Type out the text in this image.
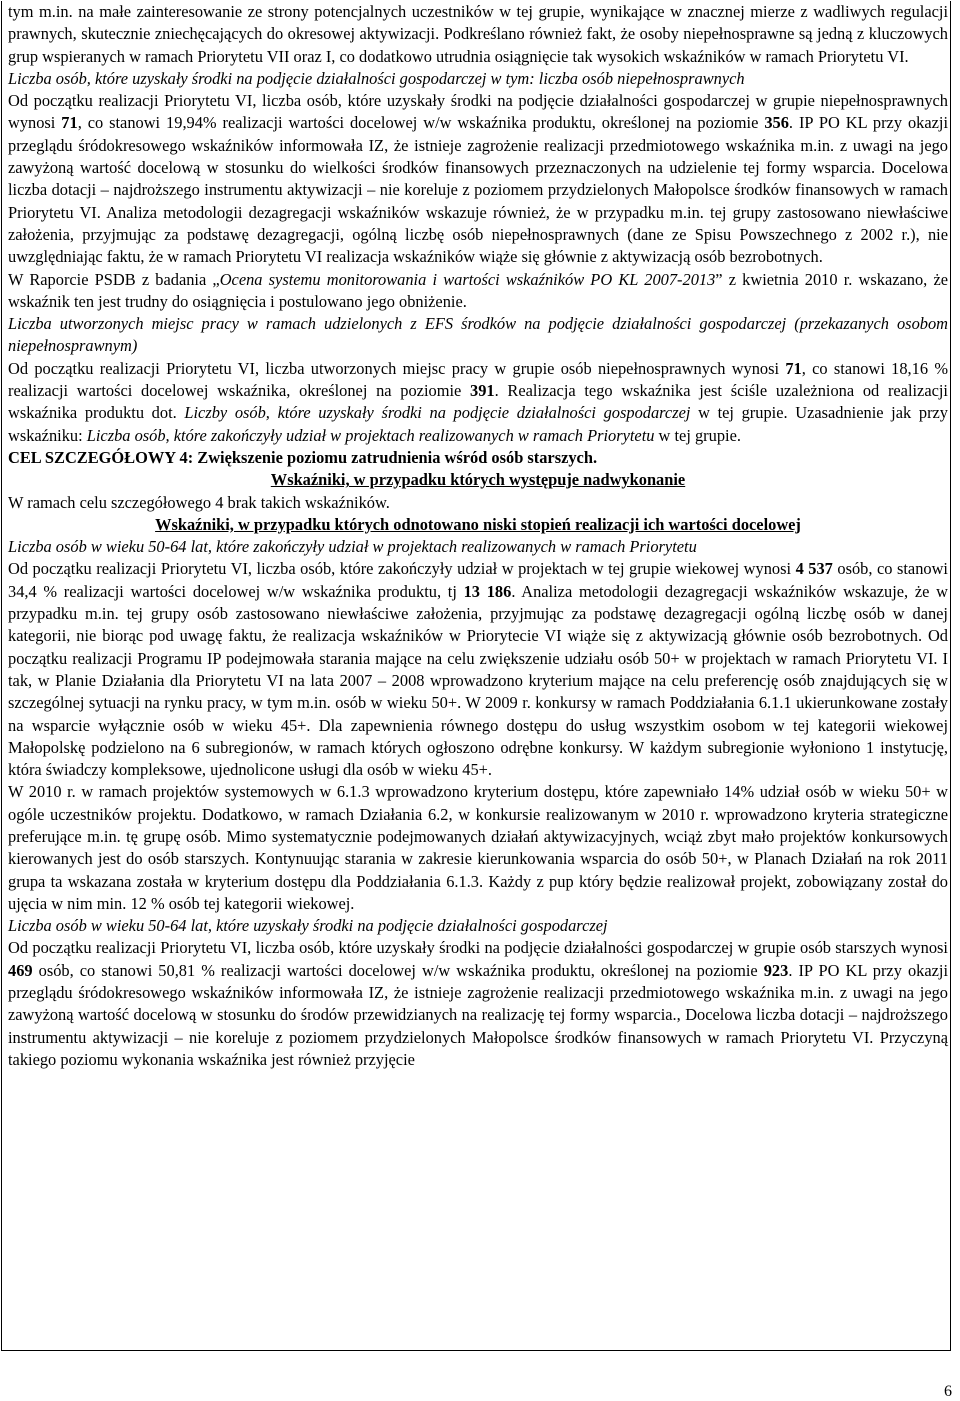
tym m.in. na małe zainteresowanie ze strony potencjalnych uczestników w tej grupie, wynikające w znacznej mierze z wadliwych regulacji prawnych, skutecznie zniechęcających do okresowej aktywizacji. Podkreślano również fakt, że osoby niepełnosprawne są jedną z kluczowych grup wspieranych w ramach Priorytetu VII oraz I, co dodatkowo utrudnia osiągnięcie tak wysokich wskaźników w ramach Priorytetu VI.

Liczba osób, które uzyskały środki na podjęcie działalności gospodarczej w tym: liczba osób niepełnosprawnych

Od początku realizacji Priorytetu VI, liczba osób, które uzyskały środki na podjęcie działalności gospodarczej w grupie niepełnosprawnych wynosi 71, co stanowi 19,94% realizacji wartości docelowej w/w wskaźnika produktu, określonej na poziomie 356. IP PO KL przy okazji przeglądu śródokresowego wskaźników informowała IZ, że istnieje zagrożenie realizacji przedmiotowego wskaźnika m.in. z uwagi na jego zawyżoną wartość docelową w stosunku do wielkości środków finansowych przeznaczonych na udzielenie tej formy wsparcia. Docelowa liczba dotacji – najdroższego instrumentu aktywizacji – nie koreluje z poziomem przydzielonych Małopolsce środków finansowych w ramach Priorytetu VI. Analiza metodologii dezagregacji wskaźników wskazuje również, że w przypadku m.in. tej grupy zastosowano niewłaściwe założenia, przyjmując za podstawę dezagregacji, ogólną liczbę osób niepełnosprawnych (dane ze Spisu Powszechnego z 2002 r.), nie uwzględniając faktu, że w ramach Priorytetu VI realizacja wskaźników wiąże się głównie z aktywizacją osób bezrobotnych.

W Raporcie PSDB z badania „Ocena systemu monitorowania i wartości wskaźników PO KL 2007-2013” z kwietnia 2010 r. wskazano, że wskaźnik ten jest trudny do osiągnięcia i postulowano jego obniżenie.

Liczba utworzonych miejsc pracy w ramach udzielonych z EFS środków na podjęcie działalności gospodarczej (przekazanych osobom niepełnosprawnym)

Od początku realizacji Priorytetu VI, liczba utworzonych miejsc pracy w grupie osób niepełnosprawnych wynosi 71, co stanowi 18,16 % realizacji wartości docelowej wskaźnika, określonej na poziomie 391. Realizacja tego wskaźnika jest ściśle uzależniona od realizacji wskaźnika produktu dot. Liczby osób, które uzyskały środki na podjęcie działalności gospodarczej w tej grupie. Uzasadnienie jak przy wskaźniku: Liczba osób, które zakończyły udział w projektach realizowanych w ramach Priorytetu w tej grupie.

CEL SZCZEGÓŁOWY 4: Zwiększenie poziomu zatrudnienia wśród osób starszych.

Wskaźniki, w przypadku których występuje nadwykonanie

W ramach celu szczegółowego 4 brak takich wskaźników.

Wskaźniki, w przypadku których odnotowano niski stopień realizacji ich wartości docelowej

Liczba osób w wieku 50-64 lat, które zakończyły udział w projektach realizowanych w ramach Priorytetu

Od początku realizacji Priorytetu VI, liczba osób, które zakończyły udział w projektach w tej grupie wiekowej wynosi 4 537 osób, co stanowi 34,4 % realizacji wartości docelowej w/w wskaźnika produktu, tj 13 186. Analiza metodologii dezagregacji wskaźników wskazuje, że w przypadku m.in. tej grupy osób zastosowano niewłaściwe założenia, przyjmując za podstawę dezagregacji ogólną liczbę osób w danej kategorii, nie biorąc pod uwagę faktu, że realizacja wskaźników w Priorytecie VI wiąże się z aktywizacją głównie osób bezrobotnych. Od początku realizacji Programu IP podejmowała starania mające na celu zwiększenie udziału osób 50+ w projektach w ramach Priorytetu VI. I tak, w Planie Działania dla Priorytetu VI na lata 2007 – 2008 wprowadzono kryterium mające na celu preferencję osób znajdujących się w szczególnej sytuacji na rynku pracy, w tym m.in. osób w wieku 50+. W 2009 r. konkursy w ramach Poddziałania 6.1.1 ukierunkowane zostały na wsparcie wyłącznie osób w wieku 45+. Dla zapewnienia równego dostępu do usług wszystkim osobom w tej kategorii wiekowej Małopolskę podzielono na 6 subregionów, w ramach których ogłoszono odrębne konkursy. W każdym subregionie wyłoniono 1 instytucję, która świadczy kompleksowe, ujednolicone usługi dla osób w wieku 45+.

W 2010 r. w ramach projektów systemowych w 6.1.3 wprowadzono kryterium dostępu, które zapewniało 14% udział osób w wieku 50+ w ogóle uczestników projektu. Dodatkowo, w ramach Działania 6.2, w konkursie realizowanym w 2010 r. wprowadzono kryteria strategiczne preferujące m.in. tę grupę osób. Mimo systematycznie podejmowanych działań aktywizacyjnych, wciąż zbyt mało projektów konkursowych kierowanych jest do osób starszych. Kontynuując starania w zakresie kierunkowania wsparcia do osób 50+, w Planach Działań na rok 2011 grupa ta wskazana została w kryterium dostępu dla Poddziałania 6.1.3. Każdy z pup który będzie realizował projekt, zobowiązany został do ujęcia w nim min. 12 % osób tej kategorii wiekowej.

Liczba osób w wieku 50-64 lat, które uzyskały środki na podjęcie działalności gospodarczej

Od początku realizacji Priorytetu VI, liczba osób, które uzyskały środki na podjęcie działalności gospodarczej w grupie osób starszych wynosi 469 osób, co stanowi 50,81 % realizacji wartości docelowej w/w wskaźnika produktu, określonej na poziomie 923. IP PO KL przy okazji przeglądu śródokresowego wskaźników informowała IZ, że istnieje zagrożenie realizacji przedmiotowego wskaźnika m.in. z uwagi na jego zawyżoną wartość docelową w stosunku do środów przewidzianych na realizację tej formy wsparcia., Docelowa liczba dotacji – najdroższego instrumentu aktywizacji – nie koreluje z poziomem przydzielonych Małopolsce środków finansowych w ramach Priorytetu VI. Przyczyną takiego poziomu wykonania wskaźnika jest również przyjęcie

6
